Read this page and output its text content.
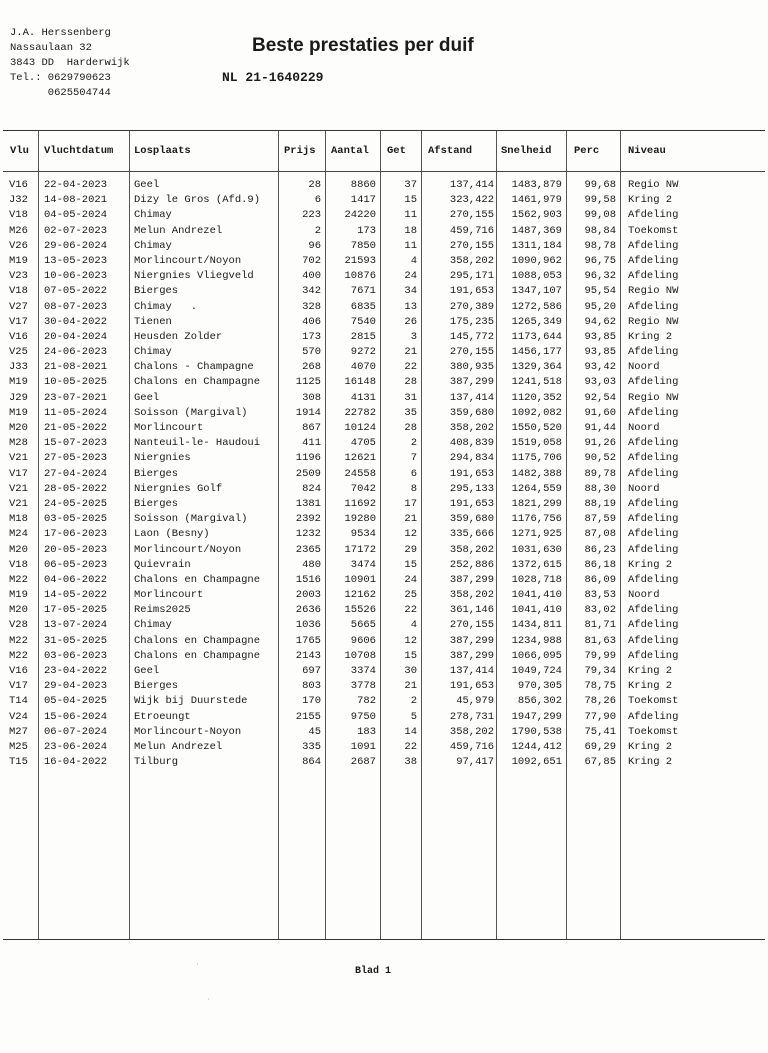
J.A. Herssenberg
Nassaulaan 32
3843 DD  Harderwijk
Tel.: 0629790623
0625504744
Beste prestaties per duif
NL 21-1640229
Vlu Vluchtdatum Losplaats	Prijs Aantal Get Afstand	Snelheid Perc	Niveau
V16	22-04-2023	Geel	28	8860	37	137,414	1483,879	99,68 Regio NW
J32	14-08-2021	Dizy le Gros (Afd.9)	6	1417	15	323,422	1461,979	99,58 Kring 2
V18	04-05-2024	Chimay	223	24220	11	270,155	1562,903	99,08 Afdeling
M26	02-07-2023	Melun Andrezel	2	173	18	459,716	1487,369	98,84 Toekomst
V26	29-06-2024	Chimay	96	7850	11	270,155	1311,184	98,78 Afdeling
M19	13-05-2023	Morlincourt/Noyon	702	21593	4	358,202	1090,962	96,75 Afdeling
V23	10-06-2023	Niergnies Vliegveld	400	10876	24	295,171	1088,053	96,32 Afdeling
V18	07-05-2022	Bierges	342	7671	34	191,653	1347,107	95,54 Regio NW
V27	08-07-2023	Chimay   .	328	6835	13	270,389	1272,586	95,20 Afdeling
V17	30-04-2022	Tienen	406	7540	26	175,235	1265,349	94,62 Regio NW
V16	20-04-2024	Heusden Zolder	173	2815	3	145,772	1173,644	93,85 Kring 2
V25	24-06-2023	Chimay	570	9272	21	270,155	1456,177	93,85 Afdeling
J33	21-08-2021	Chalons - Champagne	268	4070	22	380,935	1329,364	93,42 Noord
M19	10-05-2025	Chalons en Champagne	1125	16148	28	387,299	1241,518	93,03 Afdeling
J29	23-07-2021	Geel	308	4131	31	137,414	1120,352	92,54 Regio NW
M19	11-05-2024	Soisson (Margival)	1914	22782	35	359,680	1092,082	91,60 Afdeling
M20	21-05-2022	Morlincourt	867	10124	28	358,202	1550,520	91,44 Noord
M28	15-07-2023	Nanteuil-le- Haudoui	411	4705	2	408,839	1519,058	91,26 Afdeling
V21	27-05-2023	Niergnies	1196	12621	7	294,834	1175,706	90,52 Afdeling
V17	27-04-2024	Bierges	2509	24558	6	191,653	1482,388	89,78 Afdeling
V21	28-05-2022	Niergnies Golf	824	7042	8	295,133	1264,559	88,30 Noord
V21	24-05-2025	Bierges	1381	11692	17	191,653	1821,299	88,19 Afdeling
M18	03-05-2025	Soisson (Margival)	2392	19280	21	359,680	1176,756	87,59 Afdeling
M24	17-06-2023	Laon (Besny)	1232	9534	12	335,666	1271,925	87,08 Afdeling
M20	20-05-2023	Morlincourt/Noyon	2365	17172	29	358,202	1031,630	86,23 Afdeling
V18	06-05-2023	Quievrain	480	3474	15	252,886	1372,615	86,18 Kring 2
M22	04-06-2022	Chalons en Champagne	1516	10901	24	387,299	1028,718	86,09 Afdeling
M19	14-05-2022	Morlincourt	2003	12162	25	358,202	1041,410	83,53 Noord
M20	17-05-2025	Reims2025	2636	15526	22	361,146	1041,410	83,02 Afdeling
V28	13-07-2024	Chimay	1036	5665	4	270,155	1434,811	81,71 Afdeling
M22	31-05-2025	Chalons en Champagne	1765	9606	12	387,299	1234,988	81,63 Afdeling
M22	03-06-2023	Chalons en Champagne	2143	10708	15	387,299	1066,095	79,99 Afdeling
V16	23-04-2022	Geel	697	3374	30	137,414	1049,724	79,34 Kring 2
V17	29-04-2023	Bierges	803	3778	21	191,653	970,305	78,75 Kring 2
T14	05-04-2025	Wijk bij Duurstede	170	782	2	45,979	856,302	78,26 Toekomst
V24	15-06-2024	Etroeungt	2155	9750	5	278,731	1947,299	77,90 Afdeling
M27	06-07-2024	Morlincourt-Noyon	45	183	14	358,202	1790,538	75,41 Toekomst
M25	23-06-2024	Melun Andrezel	335	1091	22	459,716	1244,412	69,29 Kring 2
T15	16-04-2022	Tilburg	864	2687	38	97,417	1092,651	67,85 Kring 2
·
·
Blad 1
